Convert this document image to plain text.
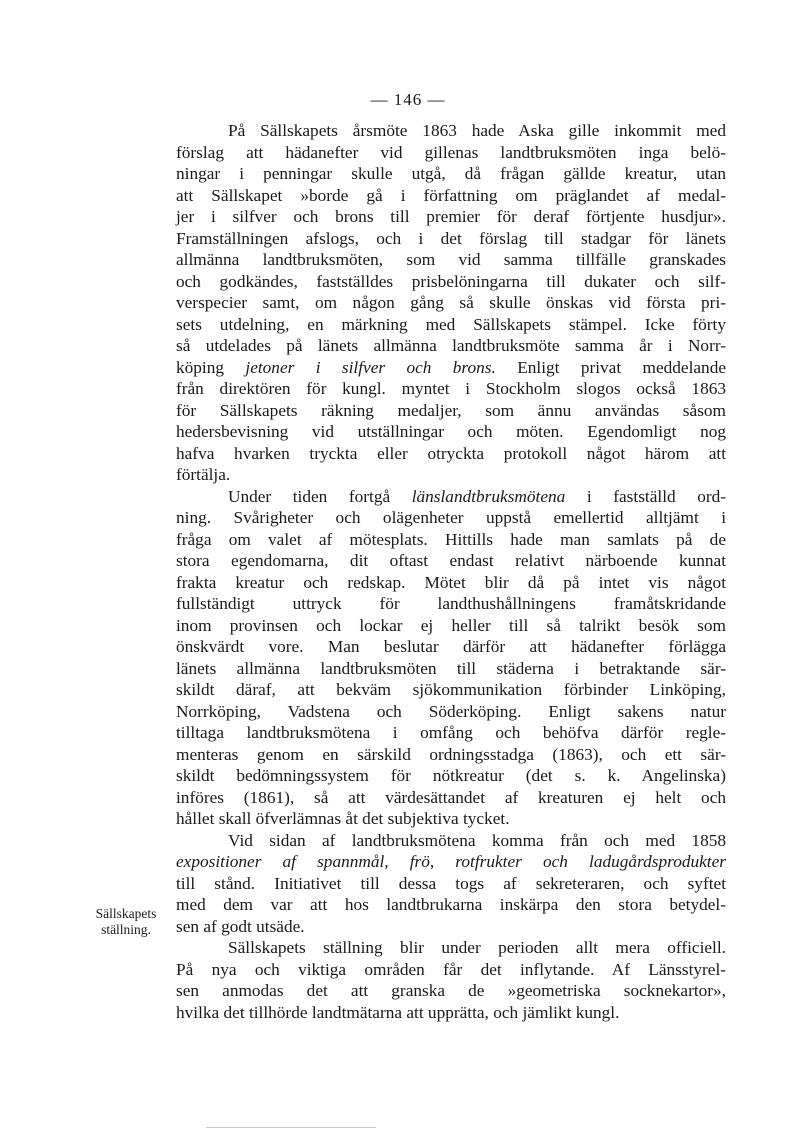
— 146 —
På Sällskapets årsmöte 1863 hade Aska gille inkommit med
förslag att hädanefter vid gillenas landtbruksmöten inga belö-
ningar i penningar skulle utgå, då frågan gällde kreatur, utan
att Sällskapet »borde gå i författning om präglandet af medal-
jer i silfver och brons till premier för deraf förtjente husdjur».
Framställningen afslogs, och i det förslag till stadgar för länets
allmänna landtbruksmöten, som vid samma tillfälle granskades
och godkändes, fastställdes prisbelöningarna till dukater och silf-
verspecier samt, om någon gång så skulle önskas vid första pri-
sets utdelning, en märkning med Sällskapets stämpel. Icke förty
så utdelades på länets allmänna landtbruksmöte samma år i Norr-
köping jetoner i silfver och brons. Enligt privat meddelande
från direktören för kungl. myntet i Stockholm slogos också 1863
för Sällskapets räkning medaljer, som ännu användas såsom
hedersbevisning vid utställningar och möten. Egendomligt nog
hafva hvarken tryckta eller otryckta protokoll något härom att
förtälja.
Under tiden fortgå länslandtbruksmötena i fastställd ord-
ning. Svårigheter och olägenheter uppstå emellertid alltjämt i
fråga om valet af mötesplats. Hittills hade man samlats på de
stora egendomarna, dit oftast endast relativt närboende kunnat
frakta kreatur och redskap. Mötet blir då på intet vis något
fullständigt uttryck för landthushållningens framåtskridande
inom provinsen och lockar ej heller till så talrikt besök som
önskvärdt vore. Man beslutar därför att hädanefter förlägga
länets allmänna landtbruksmöten till städerna i betraktande sär-
skildt däraf, att bekväm sjökommunikation förbinder Linköping,
Norrköping, Vadstena och Söderköping. Enligt sakens natur
tilltaga landtbruksmötena i omfång och behöfva därför regle-
menteras genom en särskild ordningsstadga (1863), och ett sär-
skildt bedömningssystem för nötkreatur (det s. k. Angelinska)
införes (1861), så att värdesättandet af kreaturen ej helt och
hållet skall öfverlämnas åt det subjektiva tycket.
Vid sidan af landtbruksmötena komma från och med 1858
expositioner af spannmål, frö, rotfrukter och ladugårdsprodukter
till stånd. Initiativet till dessa togs af sekreteraren, och syftet
med dem var att hos landtbrukarna inskärpa den stora betydel-
sen af godt utsäde.
Sällskapets ställning blir under perioden allt mera officiell.
På nya och viktiga områden får det inflytande. Af Länsstyrel-
sen anmodas det att granska de »geometriska socknekartor»,
hvilka det tillhörde landtmätarna att upprätta, och jämlikt kungl.
Sällskapets
ställning.
